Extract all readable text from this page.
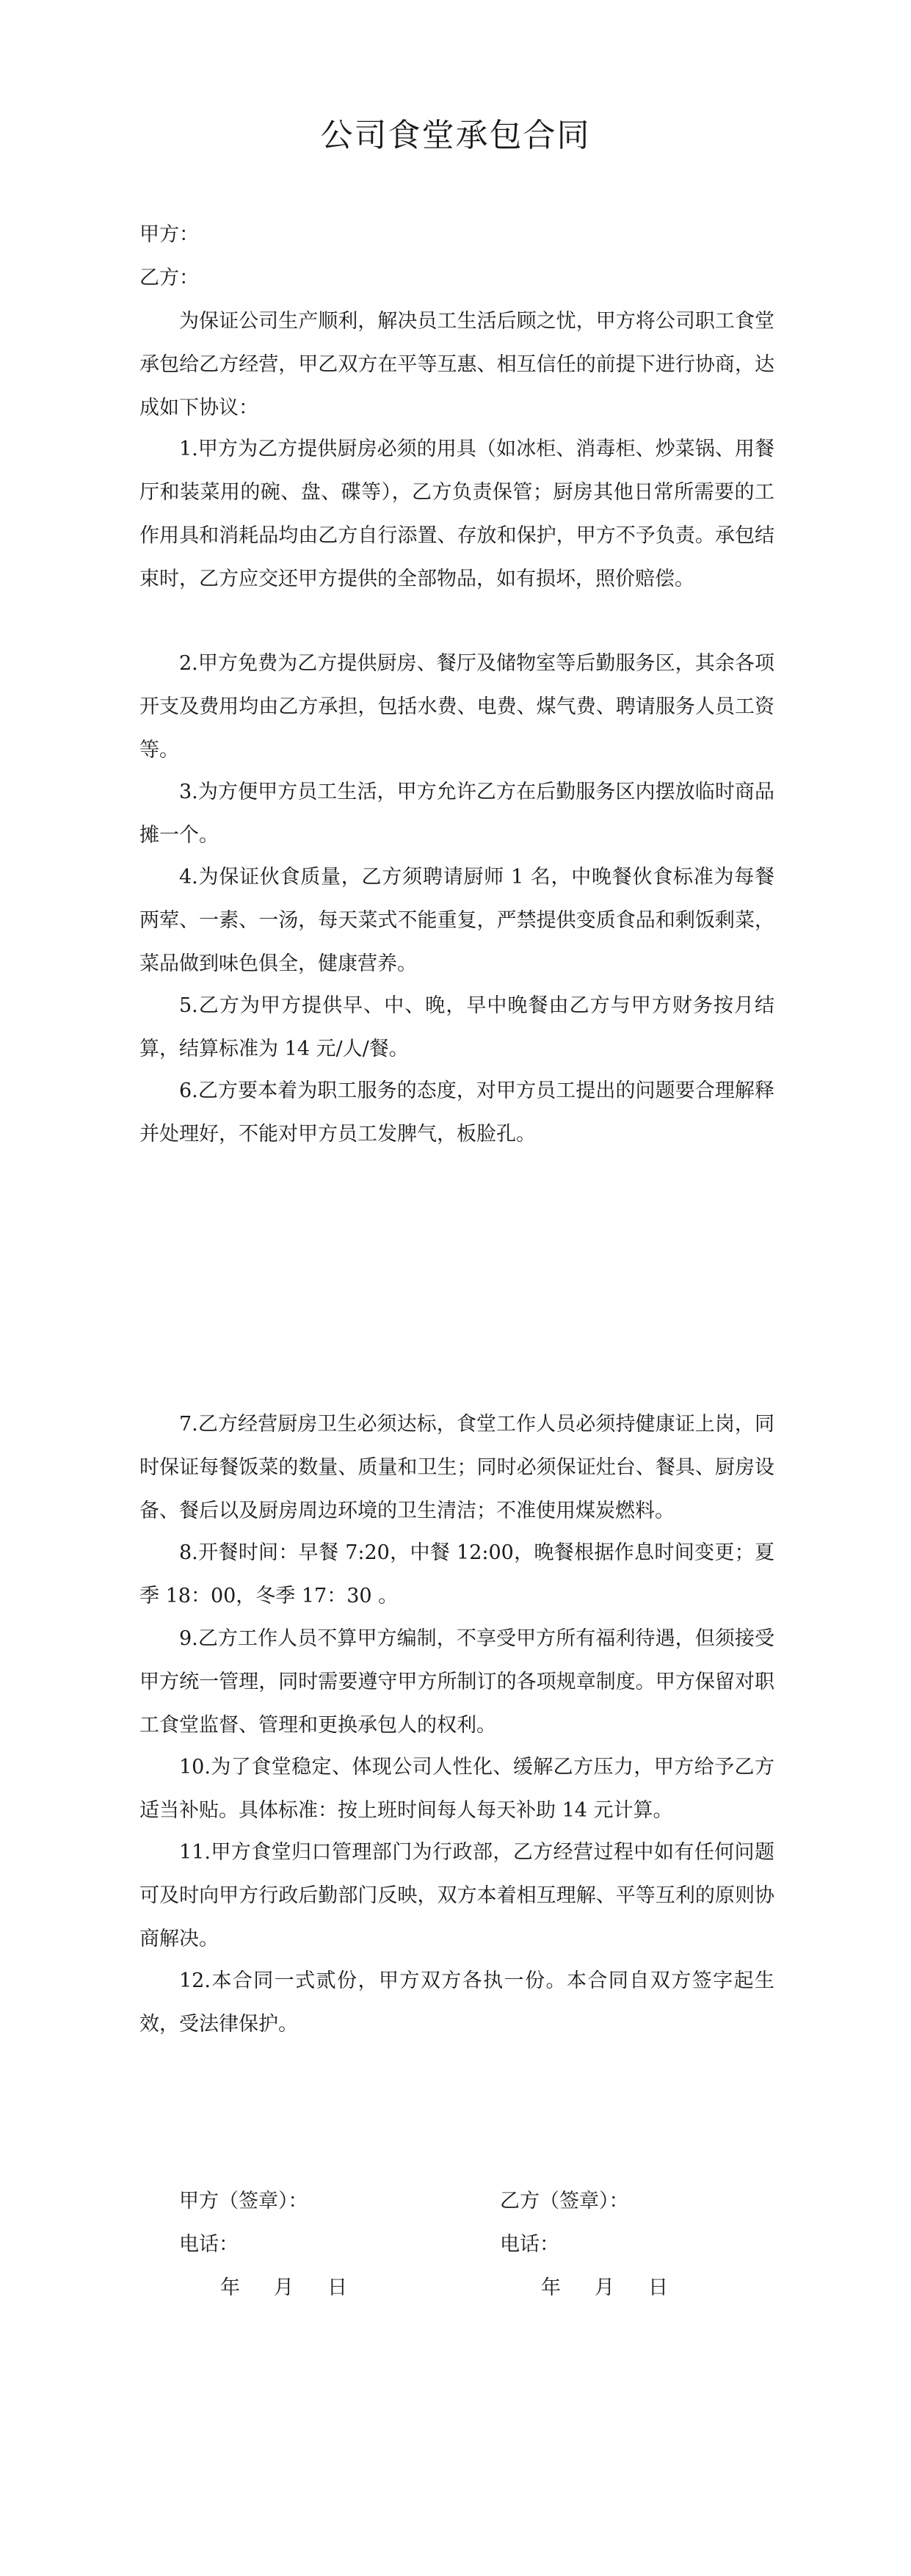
公司食堂承包合同

甲方：

乙方：

为保证公司生产顺利，解决员工生活后顾之忧，甲方将公司职工食堂承包给乙方经营，甲乙双方在平等互惠、相互信任的前提下进行协商，达成如下协议：

1.甲方为乙方提供厨房必须的用具（如冰柜、消毒柜、炒菜锅、用餐厅和装菜用的碗、盘、碟等），乙方负责保管；厨房其他日常所需要的工作用具和消耗品均由乙方自行添置、存放和保护，甲方不予负责。承包结束时，乙方应交还甲方提供的全部物品，如有损坏，照价赔偿。

2.甲方免费为乙方提供厨房、餐厅及储物室等后勤服务区，其余各项开支及费用均由乙方承担，包括水费、电费、煤气费、聘请服务人员工资等。

3.为方便甲方员工生活，甲方允许乙方在后勤服务区内摆放临时商品摊一个。

4.为保证伙食质量，乙方须聘请厨师 1 名，中晚餐伙食标准为每餐两荤、一素、一汤，每天菜式不能重复，严禁提供变质食品和剩饭剩菜，菜品做到味色俱全，健康营养。

5.乙方为甲方提供早、中、晚，早中晚餐由乙方与甲方财务按月结算，结算标准为 14 元/人/餐。

6.乙方要本着为职工服务的态度，对甲方员工提出的问题要合理解释并处理好，不能对甲方员工发脾气，板脸孔。

7.乙方经营厨房卫生必须达标，食堂工作人员必须持健康证上岗，同时保证每餐饭菜的数量、质量和卫生；同时必须保证灶台、餐具、厨房设备、餐后以及厨房周边环境的卫生清洁；不准使用煤炭燃料。

8.开餐时间：早餐 7:20，中餐 12:00，晚餐根据作息时间变更；夏季 18：00，冬季 17：30 。

9.乙方工作人员不算甲方编制，不享受甲方所有福利待遇，但须接受甲方统一管理，同时需要遵守甲方所制订的各项规章制度。甲方保留对职工食堂监督、管理和更换承包人的权利。

10.为了食堂稳定、体现公司人性化、缓解乙方压力，甲方给予乙方适当补贴。具体标准：按上班时间每人每天补助 14 元计算。

11.甲方食堂归口管理部门为行政部，乙方经营过程中如有任何问题可及时向甲方行政后勤部门反映，双方本着相互理解、平等互利的原则协商解决。

12.本合同一式贰份，甲方双方各执一份。本合同自双方签字起生效，受法律保护。

甲方（签章）：
电话：
年 月 日
乙方（签章）：
电话：
年 月 日
